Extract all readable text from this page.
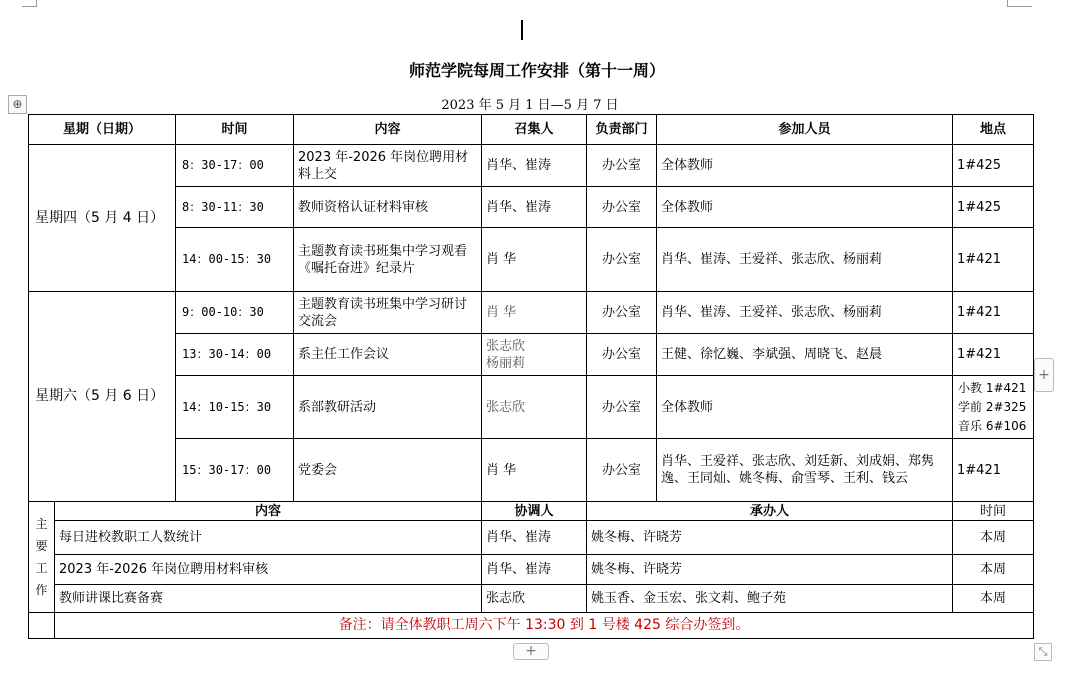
师范学院每周工作安排（第十一周）
2023 年 5 月 1 日—5 月 7 日
⊕
星期（日期）		时间	内容	召集人	负责部门	参加人员	地点
星期四（5 月 4 日）		8：30-17：00	2023 年-2026 年岗位聘用材料上交	肖华、崔涛	办公室	全体教师	1#425
		8：30-11：30	教师资格认证材料审核	肖华、崔涛	办公室	全体教师	1#425
		14：00-15：30	主题教育读书班集中学习观看《嘱托奋进》纪录片	肖 华	办公室	肖华、崔涛、王爱祥、张志欣、杨丽莉	1#421
星期六（5 月 6 日）		9：00-10：30	主题教育读书班集中学习研讨交流会	肖 华	办公室	肖华、崔涛、王爱祥、张志欣、杨丽莉	1#421
		13：30-14：00	系主任工作会议	张志欣
杨丽莉	办公室	王健、徐忆巍、李斌强、周晓飞、赵晨	1#421
		14：10-15：30	系部教研活动	张志欣	办公室	全体教师	小教 1#421
学前 2#325
音乐 6#106

		15：30-17：00	党委会	肖 华	办公室	肖华、王爱祥、张志欣、刘廷新、刘成娟、郑隽逸、王同灿、姚冬梅、俞雪琴、王利、钱云	1#421

主
要
工
作	内容			协调人	承办人		时间
	每日进校教职工人数统计			肖华、崔涛	姚冬梅、许晓芳		本周
	2023 年-2026 年岗位聘用材料审核			肖华、崔涛	姚冬梅、许晓芳		本周
	教师讲课比赛备赛			张志欣	姚玉香、金玉宏、张文莉、鲍子苑		本周
	备注：请全体教职工周六下午 13:30 到 1 号楼 425 综合办签到。						
+
+	⤡
